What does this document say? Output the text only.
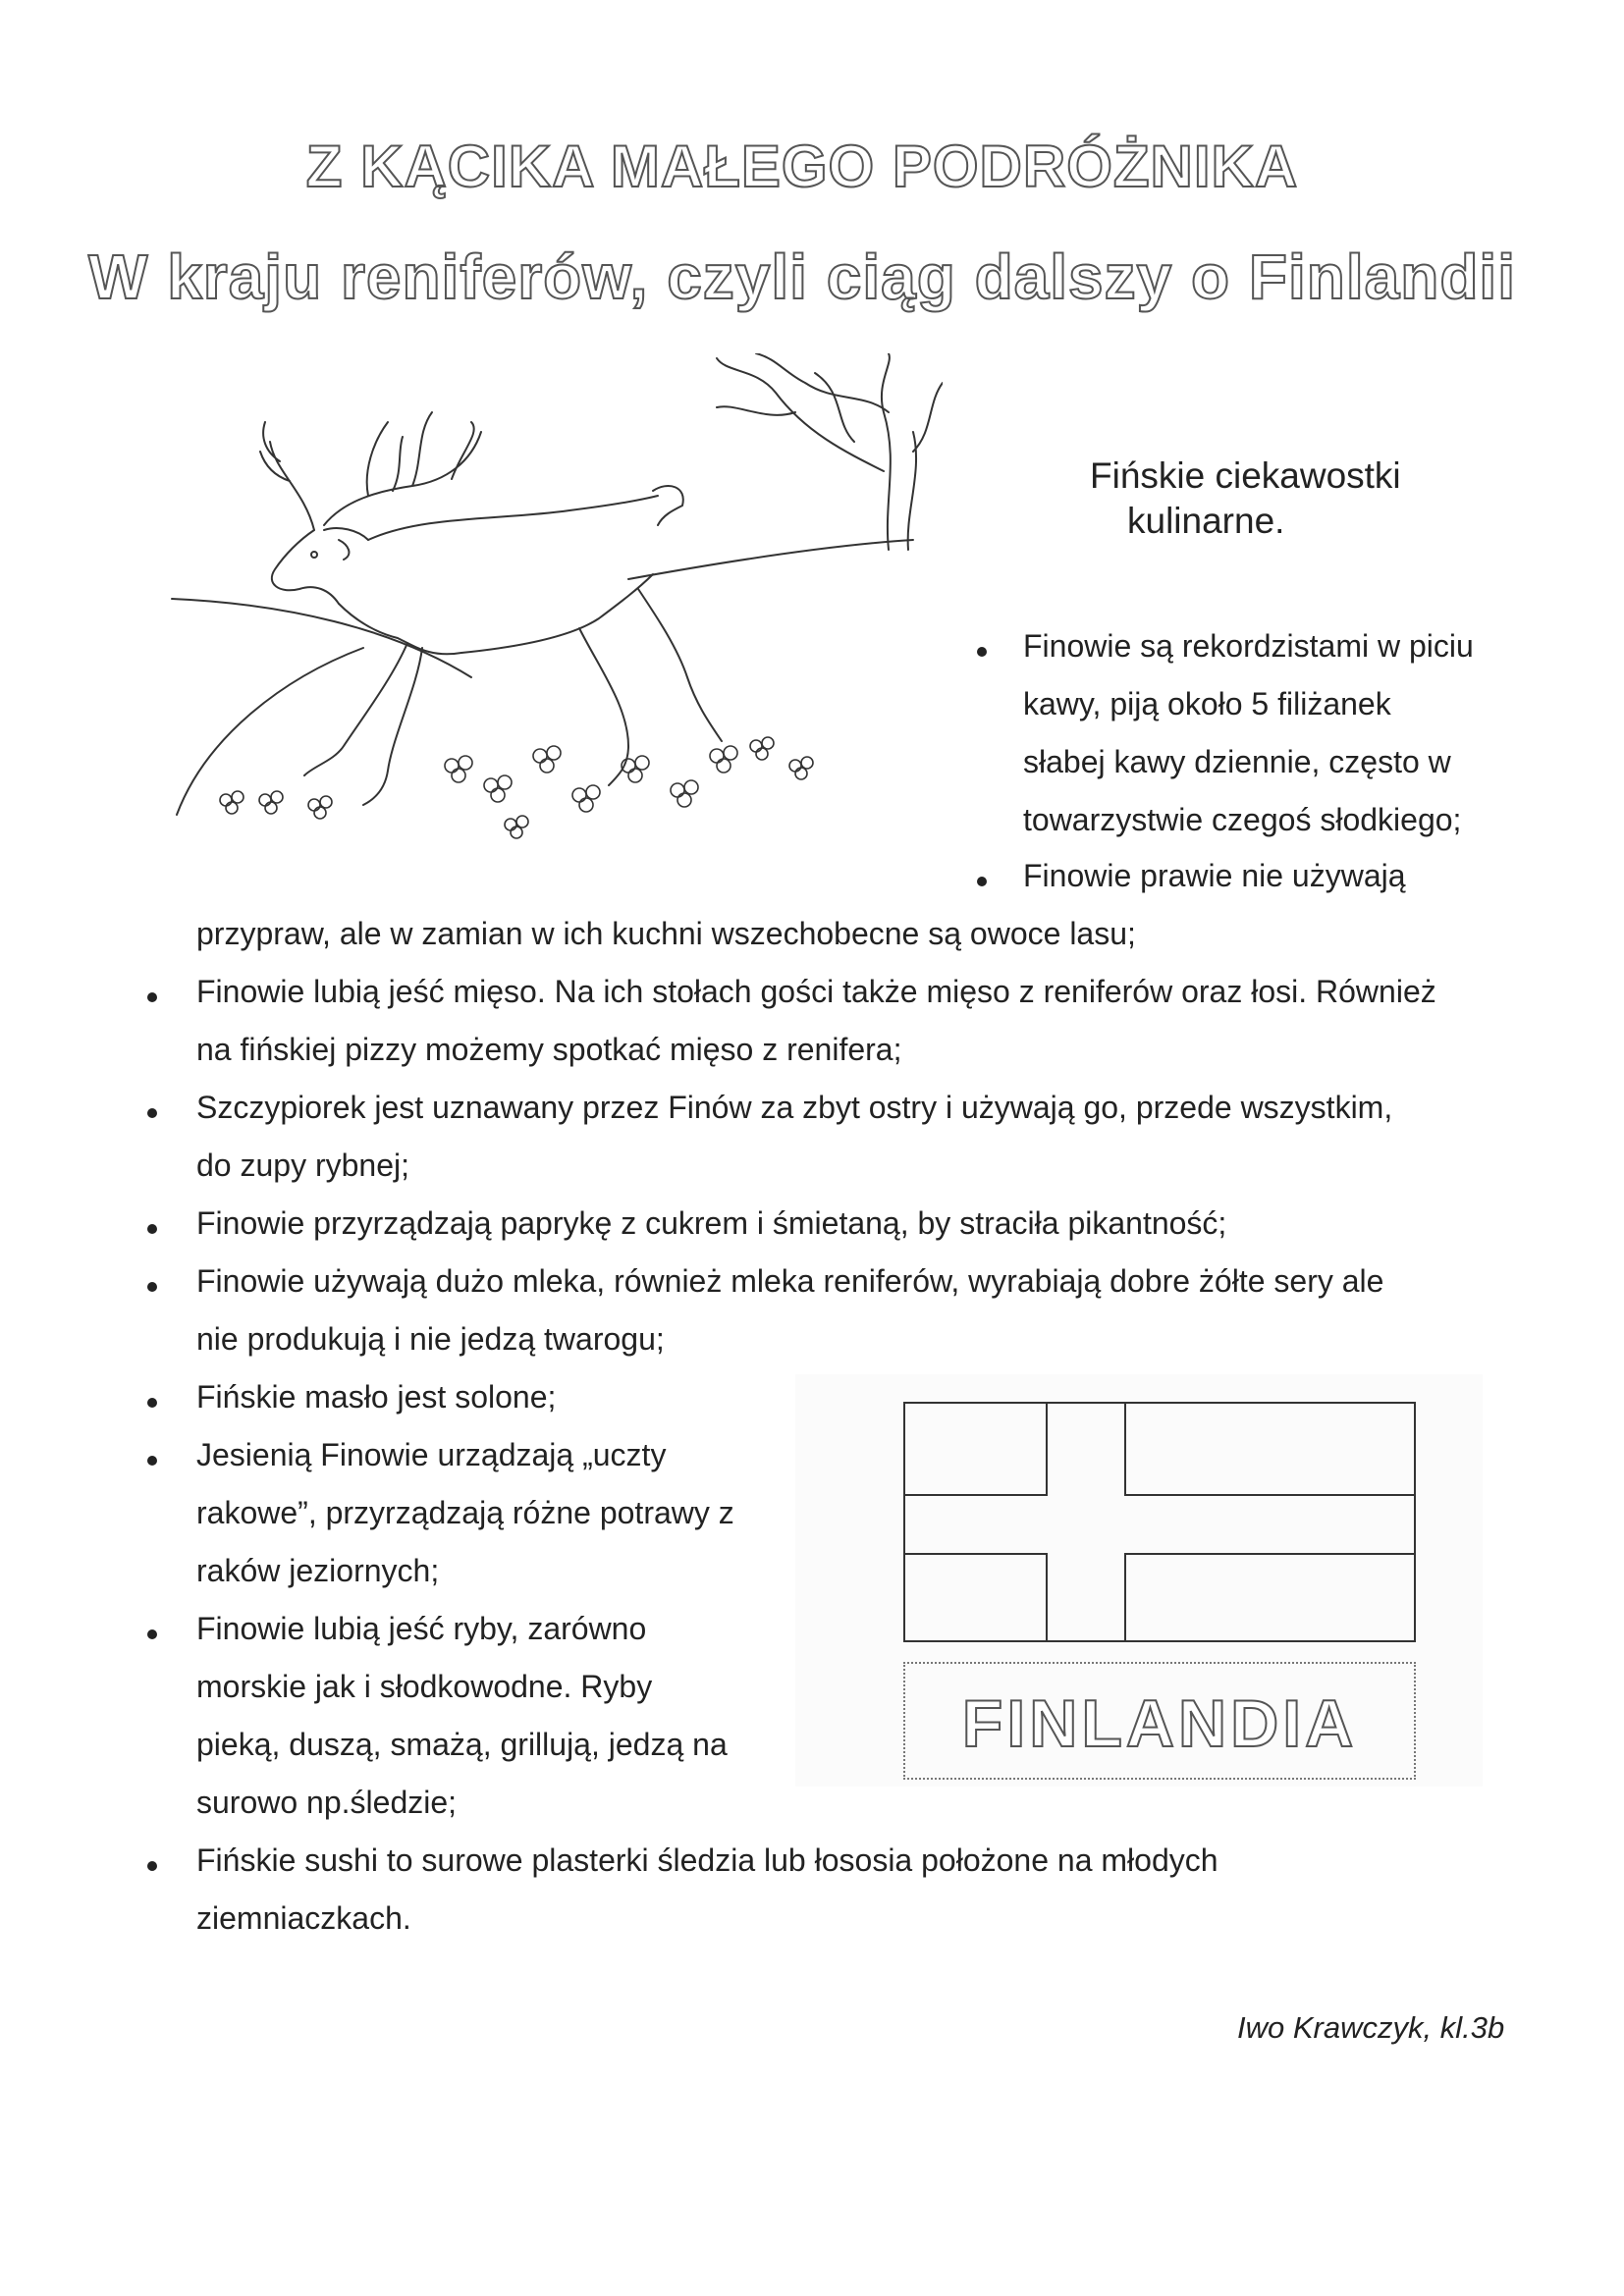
Z KĄCIKA MAŁEGO PODRÓŻNIKA
W kraju reniferów, czyli ciąg dalszy o Finlandii
Fińskie ciekawostki
kulinarne.
Finowie są rekordzistami w piciu
kawy, piją około 5 filiżanek
słabej kawy dziennie, często w
towarzystwie czegoś słodkiego;
Finowie prawie nie używają
przypraw, ale w zamian w ich kuchni wszechobecne są owoce lasu;
Finowie lubią jeść mięso. Na ich stołach gości także mięso z reniferów oraz łosi. Również
na fińskiej pizzy możemy spotkać mięso z renifera;
Szczypiorek jest uznawany przez Finów za zbyt ostry i używają go, przede wszystkim,
do zupy rybnej;
Finowie przyrządzają paprykę z cukrem i śmietaną, by straciła pikantność;
Finowie używają dużo mleka, również mleka reniferów, wyrabiają dobre żółte sery ale
nie produkują i nie jedzą twarogu;
Fińskie masło jest solone;
Jesienią Finowie urządzają „uczty
rakowe”, przyrządzają różne potrawy z
raków jeziornych;
Finowie lubią jeść ryby, zarówno
morskie jak i słodkowodne. Ryby
pieką, duszą, smażą, grillują, jedzą na
surowo np.śledzie;
Fińskie sushi to surowe plasterki śledzia lub łososia położone na młodych
ziemniaczkach.
FINLANDIA
Iwo Krawczyk, kl.3b
